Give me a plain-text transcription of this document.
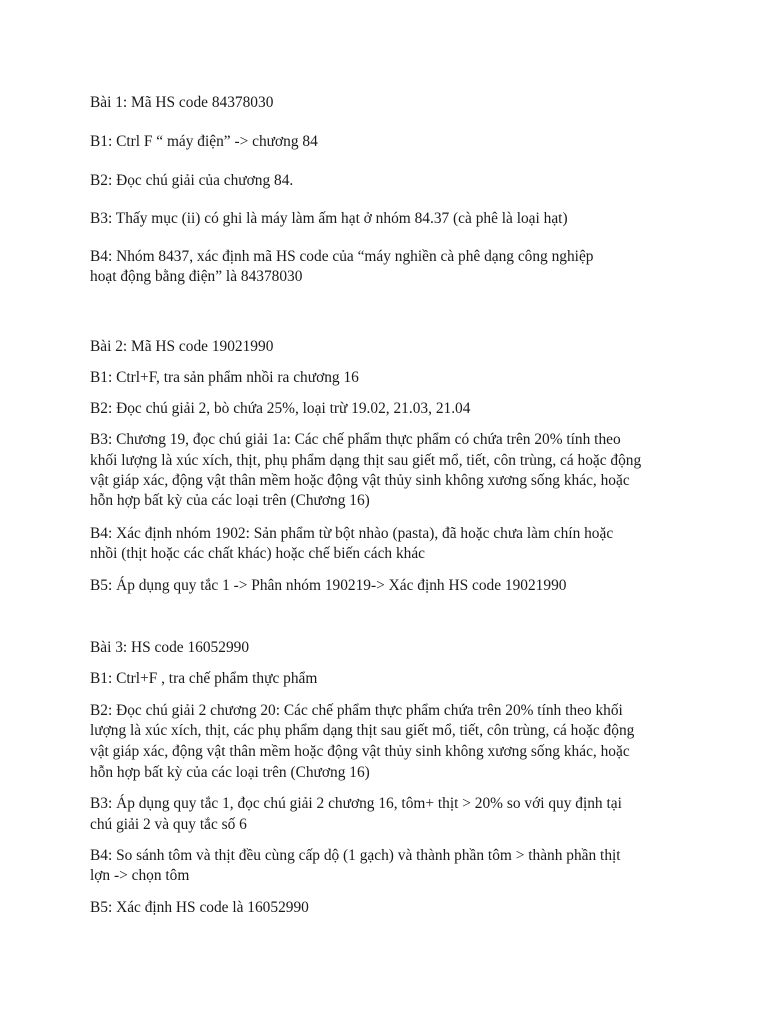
Bài 1: Mã HS code 84378030

B1: Ctrl F “ máy điện” -> chương 84

B2: Đọc chú giải của chương 84.

B3: Thấy mục (ii) có ghi là máy làm ấm hạt ở nhóm 84.37 (cà phê là loại hạt)

B4: Nhóm 8437, xác định mã HS code của “máy nghiền cà phê dạng công nghiệp

hoạt động bằng điện” là 84378030

Bài 2: Mã HS code 19021990

B1: Ctrl+F, tra sản phẩm nhồi ra chương 16

B2: Đọc chú giải 2, bò chứa 25%, loại trừ 19.02, 21.03, 21.04

B3: Chương 19, đọc chú giải 1a: Các chế phẩm thực phẩm có chứa trên 20% tính theo

khối lượng là xúc xích, thịt, phụ phẩm dạng thịt sau giết mổ, tiết, côn trùng, cá hoặc động

vật giáp xác, động vật thân mềm hoặc động vật thủy sinh không xương sống khác, hoặc

hỗn hợp bất kỳ của các loại trên (Chương 16)

B4: Xác định nhóm 1902: Sản phẩm từ bột nhào (pasta), đã hoặc chưa làm chín hoặc

nhồi (thịt hoặc các chất khác) hoặc chế biến cách khác

B5: Áp dụng quy tắc 1 -> Phân nhóm 190219-> Xác định HS code 19021990

Bài 3: HS code 16052990

B1: Ctrl+F , tra chế phẩm thực phẩm

B2: Đọc chú giải 2 chương 20: Các chế phẩm thực phẩm chứa trên 20% tính theo khối

lượng là xúc xích, thịt, các phụ phẩm dạng thịt sau giết mổ, tiết, côn trùng, cá hoặc động

vật giáp xác, động vật thân mềm hoặc động vật thủy sinh không xương sống khác, hoặc

hỗn hợp bất kỳ của các loại trên (Chương 16)

B3: Áp dụng quy tắc 1, đọc chú giải 2 chương 16, tôm+ thịt > 20% so với quy định tại

chú giải 2 và quy tắc số 6

B4: So sánh tôm và thịt đều cùng cấp dộ (1 gạch) và thành phần tôm > thành phần thịt

lợn -> chọn tôm

B5: Xác định HS code là 16052990
